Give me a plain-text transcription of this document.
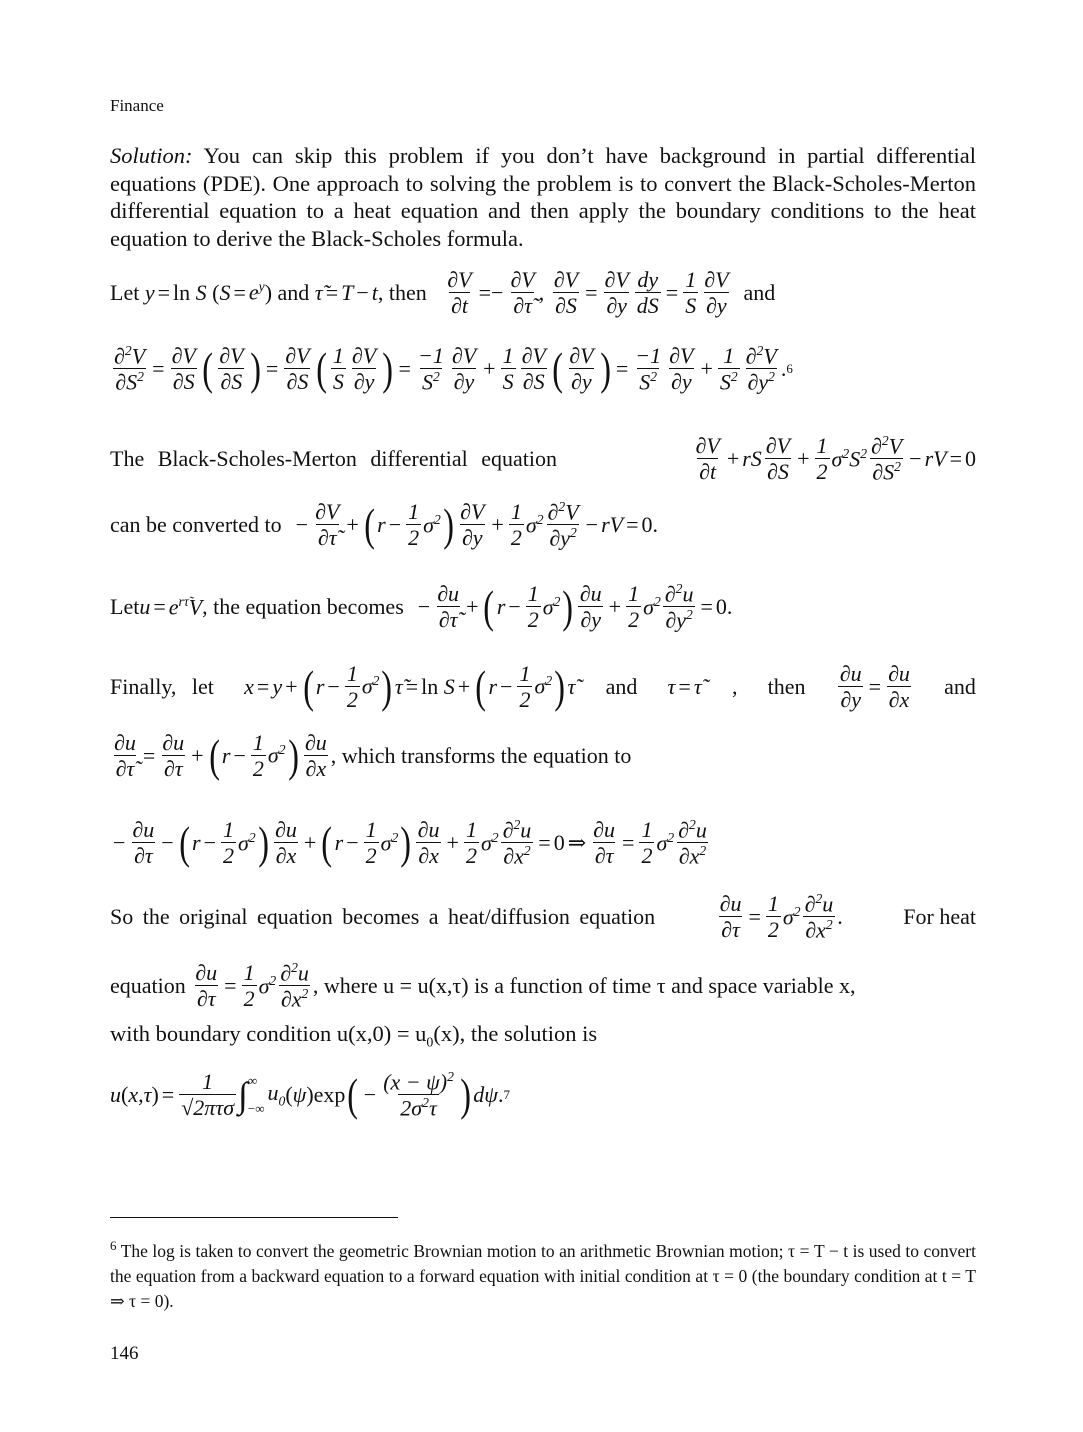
Finance
Solution: You can skip this problem if you don’t have background in partial differential equations (PDE). One approach to solving the problem is to convert the Black-Scholes-Merton differential equation to a heat equation and then apply the boundary conditions to the heat equation to derive the Black-Scholes formula.
Let y = ln
S ( $S = e^y$ ) and τ̃ = T − t , then
$\frac{\partial V}{\partial t} =- \frac{\partial V}{\partial\taũ}$ , $\frac{\partial V}{\partial S} = \frac{\partial V}{\partial y} \frac{dy}{dS} = \frac{1}{S} \frac{\partial V}{\partial y}$
and
$\frac{\partial^2V}{\partial S^2} = \frac{\partial V}{\partial S}$ ( $\frac{\partial V}{\partial S}$ ) = $\frac{\partial V}{\partial S}$ ( $\frac{1}{S} \frac{\partial V}{\partial y}$ ) = $\frac{-1}{S^2} \frac{\partial V}{\partial y} + \frac{1}{S} \frac{\partial V}{\partial S}$ ( $\frac{\partial V}{\partial y}$ ) = $\frac{-1}{S^2} \frac{\partial V}{\partial y} + \frac{1}{S^2} \frac{\partial^2V}{\partial y^2}$ . 6
The Black-Scholes-Merton differential equation	$\frac{\partial V}{\partial t}$ + rS $\frac{\partial V}{\partial S} + \frac{1}{2} \sigma^2S^2 \frac{\partial^2V}{\partial S^2}$ − rV = 0
can be converted to
− $\frac{\partial V}{\partial\taũ}$ + ( $r - \frac{1}{2} \sigma^2$ ) $\frac{\partial V}{\partial y} + \frac{1}{2} \sigma^2 \frac{\partial^2V}{\partial y^2}$ − rV = 0.
Let $u = e^{r\taũ}V$ , the equation becomes
− $\frac{\partial u}{\partial\taũ}$ + ( $r - \frac{1}{2} \sigma^2$ ) $\frac{\partial u}{\partial y} + \frac{1}{2} \sigma^2 \frac{\partial^2u}{\partial y^2} = 0$.
Finally, let x = y + ( $r - \frac{1}{2} \sigma^2$ ) τ̃ = ln S + ( $r - \frac{1}{2} \sigma^2$ ) τ̃ and τ = τ̃ , then $\frac{\partial u}{\partial y} = \frac{\partial u}{\partial x}$ and
$\frac{\partial u}{\partial\taũ} = \frac{\partial u}{\partial\tau}$ + ( $r - \frac{1}{2} \sigma^2$ ) $\frac{\partial u}{\partial x}$ , which transforms the equation to
− $\frac{\partial u}{\partial\tau}$ − ( $r - \frac{1}{2} \sigma^2$ ) $\frac{\partial u}{\partial x}$ + ( $r - \frac{1}{2} \sigma^2$ ) $\frac{\partial u}{\partial x} + \frac{1}{2} \sigma^2 \frac{\partial^2u}{\partial x^2} = 0$ ⇒ $\frac{\partial u}{\partial\tau} = \frac{1}{2} \sigma^2 \frac{\partial^2u}{\partial x^2}$
So the original equation becomes a heat/diffusion equation	$\frac{\partial u}{\partial\tau} = \frac{1}{2} \sigma^2 \frac{\partial^2u}{\partial x^2}$ .	For heat
equation
$\frac{\partial u}{\partial\tau} = \frac{1}{2} \sigma^2 \frac{\partial^2u}{\partial x^2}$ , where u = u(x,τ) is a function of time τ and space variable x,
with boundary condition $u(x,0) = u_0(x)$, the solution is
u ( x , τ ) = $\frac{1}{\text{√2πτσ}}$ ∫ ∞
−∞
$u_0$ ( ψ )exp ( − $\frac{(x - \psi)^2}{2\sigma^2\tau}$ ) dψ . 7
$^6$ The log is taken to convert the geometric Brownian motion to an arithmetic Brownian motion; τ = T − t is used to convert the equation from a backward equation to a forward equation with initial condition at τ = 0 (the boundary condition at t = T ⇒ τ = 0).
146
